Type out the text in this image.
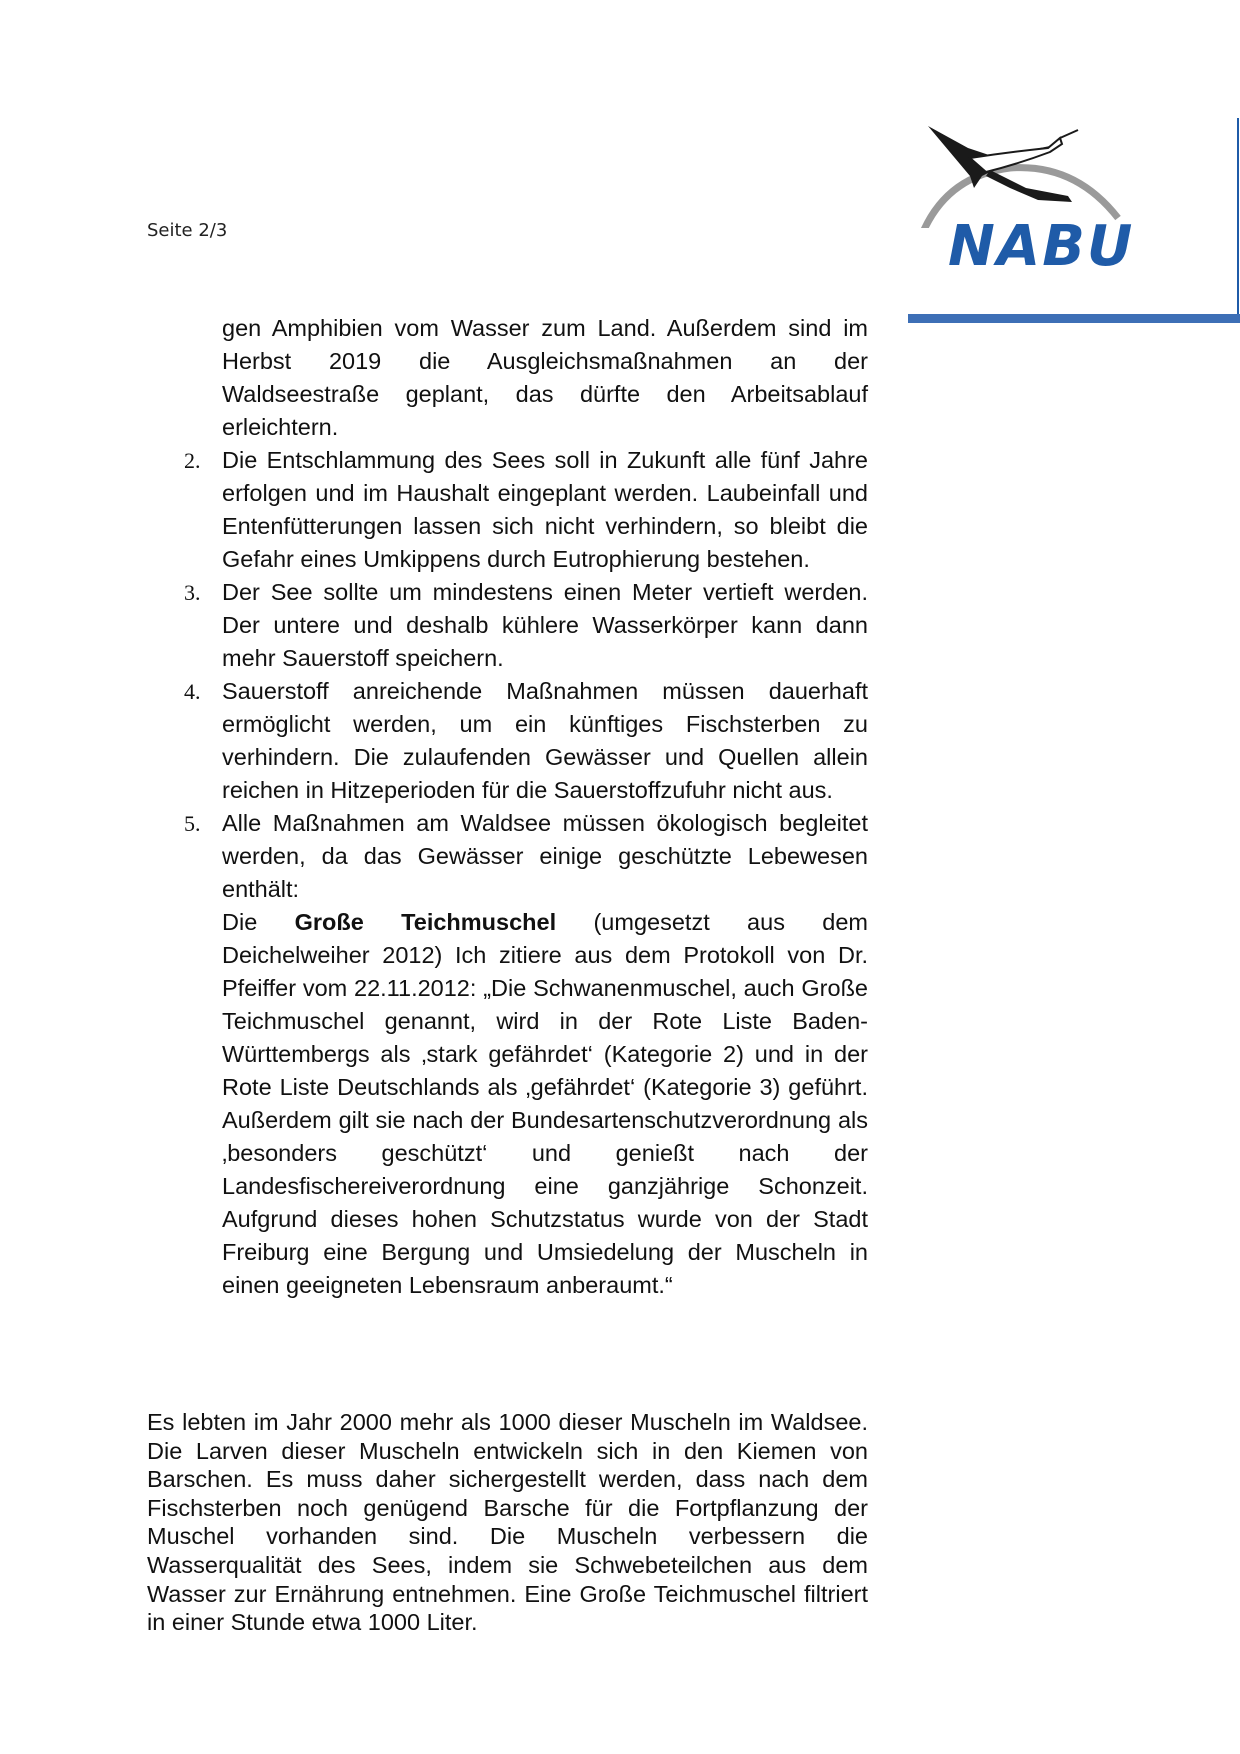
Seite 2/3	NABU

gen Amphibien vom Wasser zum Land. Außerdem sind im Herbst 2019 die Ausgleichsmaßnahmen an der Waldseestraße geplant, das dürfte den Arbeitsablauf erleichtern.

2. Die Entschlammung des Sees soll in Zukunft alle fünf Jahre erfolgen und im Haushalt eingeplant werden. Laubeinfall und Entenfütterungen lassen sich nicht verhindern, so bleibt die Gefahr eines Umkippens durch Eutrophierung bestehen.

3. Der See sollte um mindestens einen Meter vertieft werden. Der untere und deshalb kühlere Wasserkörper kann dann mehr Sauerstoff speichern.

4. Sauerstoff anreichende Maßnahmen müssen dauerhaft ermöglicht werden, um ein künftiges Fischsterben zu verhindern. Die zulaufenden Gewässer und Quellen allein reichen in Hitzeperioden für die Sauerstoffzufuhr nicht aus.

5. Alle Maßnahmen am Waldsee müssen ökologisch begleitet werden, da das Gewässer einige geschützte Lebewesen enthält:

Die Große Teichmuschel (umgesetzt aus dem Deichelweiher 2012) Ich zitiere aus dem Protokoll von Dr. Pfeiffer vom 22.11.2012: „Die Schwanenmuschel, auch Große Teichmuschel genannt, wird in der Rote Liste Baden-Württembergs als ‚stark gefährdet‘ (Kategorie 2) und in der Rote Liste Deutschlands als ‚gefährdet‘ (Kategorie 3) geführt. Außerdem gilt sie nach der Bundesartenschutzverordnung als ‚besonders geschützt‘ und genießt nach der Landesfischereiverordnung eine ganzjährige Schonzeit. Aufgrund dieses hohen Schutzstatus wurde von der Stadt Freiburg eine Bergung und Umsiedelung der Muscheln in einen geeigneten Lebensraum anberaumt.“

Es lebten im Jahr 2000 mehr als 1000 dieser Muscheln im Waldsee. Die Larven dieser Muscheln entwickeln sich in den Kiemen von Barschen. Es muss daher sichergestellt werden, dass nach dem Fischsterben noch genügend Barsche für die Fortpflanzung der Muschel vorhanden sind. Die Muscheln verbessern die Wasserqualität des Sees, indem sie Schwebeteilchen aus dem Wasser zur Ernährung entnehmen. Eine Große Teichmuschel filtriert in einer Stunde etwa 1000 Liter.
